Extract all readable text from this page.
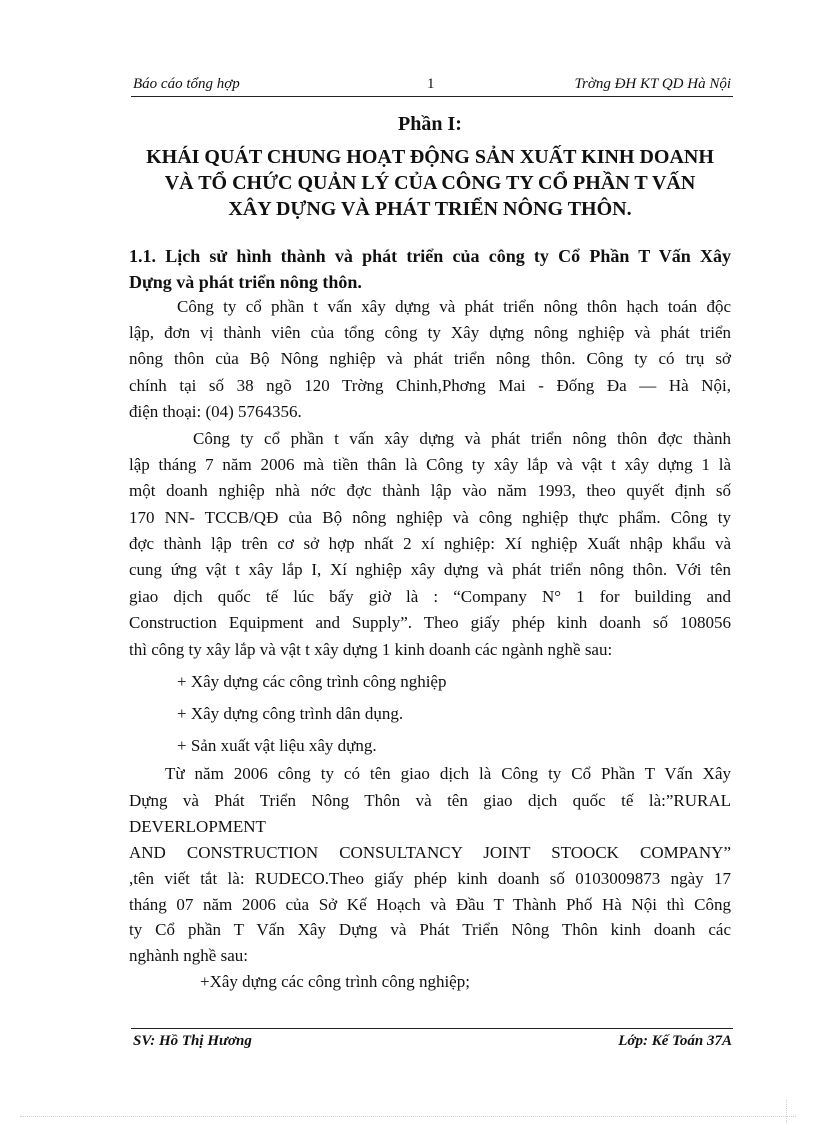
Báo cáo tổng hợp	1	Trờng ĐH KT QD Hà Nội
Phần I:
KHÁI QUÁT CHUNG HOẠT ĐỘNG SẢN XUẤT KINH DOANH
VÀ TỔ CHỨC QUẢN LÝ CỦA CÔNG TY CỔ PHẦN T VẤN
XÂY DỰNG VÀ PHÁT TRIỂN NÔNG THÔN.
1.1. Lịch sử hình thành và phát triển của công ty Cổ Phần T Vấn Xây
Dựng và phát triển nông thôn.
Công ty cổ phần t vấn xây dựng và phát triển nông thôn hạch toán độc
lập, đơn vị thành viên của tổng công ty Xây dựng nông nghiệp và phát triển
nông thôn của Bộ Nông nghiệp và phát triển nông thôn. Công ty có trụ sở
chính tại số 38 ngõ 120 Trờng Chinh,Phơng Mai - Đống Đa — Hà Nội,
điện thoại: (04) 5764356.
Công ty cổ phần t vấn xây dựng và phát triển nông thôn đợc thành
lập tháng 7 năm 2006 mà tiền thân là Công ty xây lắp và vật t xây dựng 1 là
một doanh nghiệp nhà nớc đợc thành lập vào năm 1993, theo quyết định số
170 NN- TCCB/QĐ của Bộ nông nghiệp và công nghiệp thực phẩm. Công ty
đợc thành lập trên cơ sở hợp nhất 2 xí nghiệp: Xí nghiệp Xuất nhập khẩu và
cung ứng vật t xây lắp I, Xí nghiệp xây dựng và phát triển nông thôn. Với tên
giao dịch quốc tế lúc bấy giờ là : “Company N° 1 for building and
Construction Equipment and Supply”. Theo giấy phép kinh doanh số 108056
thì công ty xây lắp và vật t xây dựng 1 kinh doanh các ngành nghề sau:
+ Xây dựng các công trình công nghiệp
+ Xây dựng công trình dân dụng.
+ Sản xuất vật liệu xây dựng.
Từ năm 2006 công ty có tên giao dịch là Công ty Cổ Phần T Vấn Xây
Dựng và Phát Triển Nông Thôn và tên giao dịch quốc tế là:”RURAL
DEVERLOPMENT
AND CONSTRUCTION CONSULTANCY JOINT STOOCK COMPANY”
,tên viết tắt là: RUDECO.Theo giấy phép kinh doanh số 0103009873 ngày 17
tháng 07 năm 2006 của Sở Kế Hoạch và Đầu T Thành Phố Hà Nội thì Công
ty Cổ phần T Vấn Xây Dựng và Phát Triển Nông Thôn kinh doanh các
nghành nghề sau:
+Xây dựng các công trình công nghiệp;
SV: Hồ Thị Hương	Lớp: Kế Toán 37A
